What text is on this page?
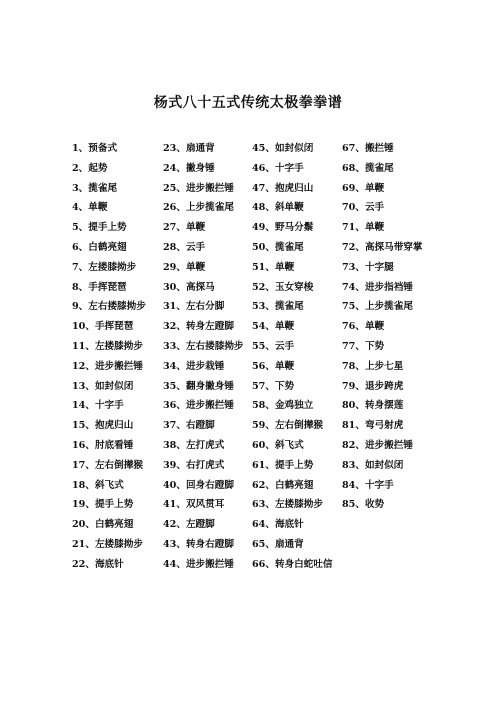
杨式八十五式传统太极拳拳谱
1、预备式
2、起势
3、揽雀尾
4、单鞭
5、提手上势
6、白鹤亮翅
7、左搂膝拗步
8、手挥琵琶
9、左右搂膝拗步
10、手挥琵琶
11、左搂膝拗步
12、进步搬拦锤
13、如封似闭
14、十字手
15、抱虎归山
16、肘底看锤
17、左右倒撵猴
18、斜飞式
19、提手上势
20、白鹤亮翅
21、左搂膝拗步
22、海底针
23、扇通背
24、撇身锤
25、进步搬拦锤
26、上步揽雀尾
27、单鞭
28、云手
29、单鞭
30、高探马
31、左右分脚
32、转身左蹬脚
33、左右搂膝拗步
34、进步栽锤
35、翻身撇身锤
36、进步搬拦锤
37、右蹬脚
38、左打虎式
39、右打虎式
40、回身右蹬脚
41、双风贯耳
42、左蹬脚
43、转身右蹬脚
44、进步搬拦锤
45、如封似闭
46、十字手
47、抱虎归山
48、斜单鞭
49、野马分鬃
50、揽雀尾
51、单鞭
52、玉女穿梭
53、揽雀尾
54、单鞭
55、云手
56、单鞭
57、下势
58、金鸡独立
59、左右倒撵猴
60、斜飞式
61、提手上势
62、白鹤亮翅
63、左搂膝拗步
64、海底针
65、扇通背
66、转身白蛇吐信
67、搬拦锤
68、揽雀尾
69、单鞭
70、云手
71、单鞭
72、高探马带穿掌
73、十字腿
74、进步指裆锤
75、上步揽雀尾
76、单鞭
77、下势
78、上步七星
79、退步跨虎
80、转身摆莲
81、弯弓射虎
82、进步搬拦锤
83、如封似闭
84、十字手
85、收势
